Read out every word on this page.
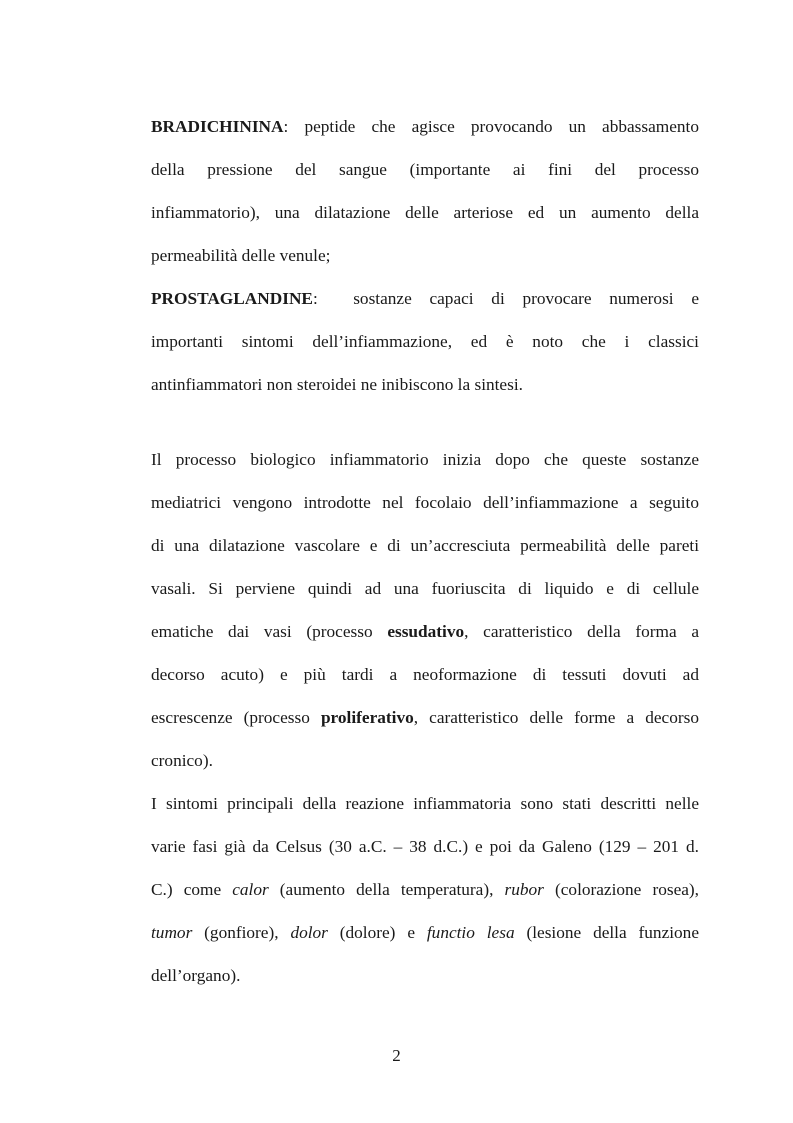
BRADICHININA: peptide che agisce provocando un abbassamento
della pressione del sangue (importante ai fini del processo
infiammatorio), una dilatazione delle arteriose ed un aumento della
permeabilità delle venule;
PROSTAGLANDINE:  sostanze capaci di provocare numerosi e
importanti sintomi dell’infiammazione, ed è noto che i classici
antinfiammatori non steroidei ne inibiscono la sintesi.
Il processo biologico infiammatorio inizia dopo che queste sostanze
mediatrici vengono introdotte nel focolaio dell’infiammazione a seguito
di una dilatazione vascolare e di un’accresciuta permeabilità delle pareti
vasali. Si perviene quindi ad una fuoriuscita di liquido e di cellule
ematiche dai vasi (processo essudativo, caratteristico della forma a
decorso acuto) e più tardi a neoformazione di tessuti dovuti ad
escrescenze (processo proliferativo, caratteristico delle forme a decorso
cronico).
I sintomi principali della reazione infiammatoria sono stati descritti nelle
varie fasi già da Celsus (30 a.C. – 38 d.C.) e poi da Galeno (129 – 201 d.
C.) come calor (aumento della temperatura), rubor (colorazione rosea),
tumor (gonfiore), dolor (dolore) e functio lesa (lesione della funzione
dell’organo).
2
